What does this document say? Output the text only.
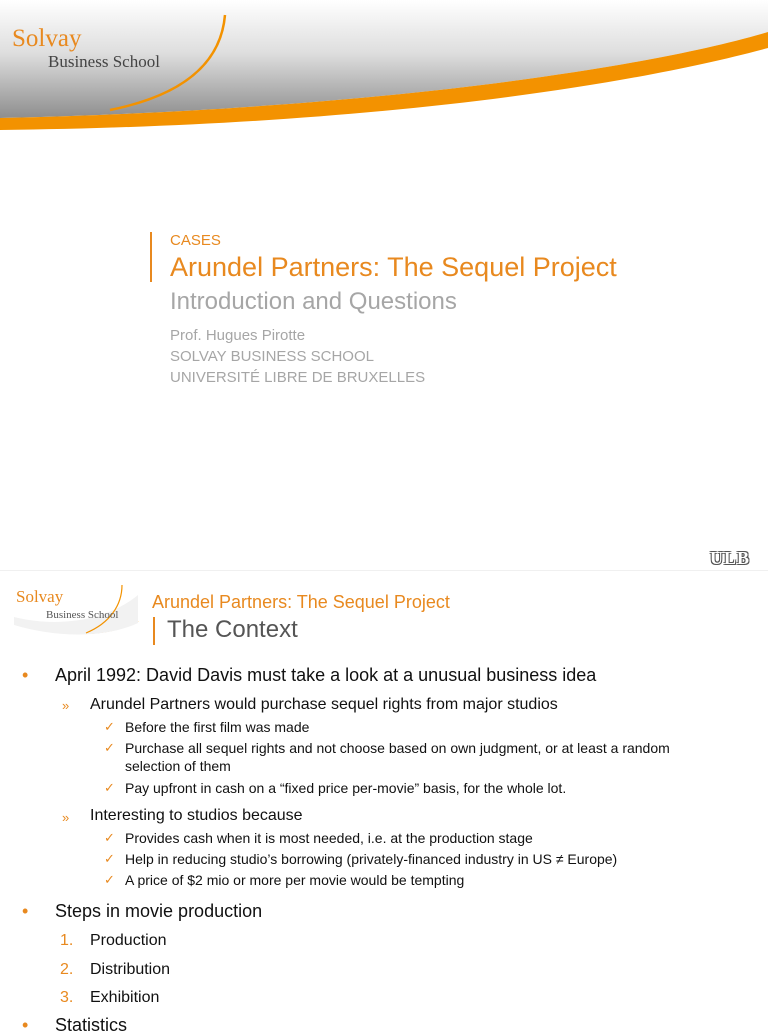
Solvay
Business School
CASES
Arundel Partners: The Sequel Project
Introduction and Questions
Prof. Hugues Pirotte
SOLVAY BUSINESS SCHOOL
UNIVERSITÉ LIBRE DE BRUXELLES
ULB
Solvay
Business School
Arundel Partners: The Sequel Project
The Context
• April 1992: David Davis must take a look at a unusual business idea
» Arundel Partners would purchase sequel rights from major studios
✓ Before the first film was made
✓ Purchase all sequel rights and not choose based on own judgment, or at least a random
selection of them
✓ Pay upfront in cash on a “fixed price per-movie” basis, for the whole lot.
» Interesting to studios because
✓ Provides cash when it is most needed, i.e. at the production stage
✓ Help in reducing studio’s borrowing (privately-financed industry in US ≠ Europe)
✓ A price of $2 mio or more per movie would be tempting
• Steps in movie production
1. Production
2. Distribution
3. Exhibition
• Statistics
